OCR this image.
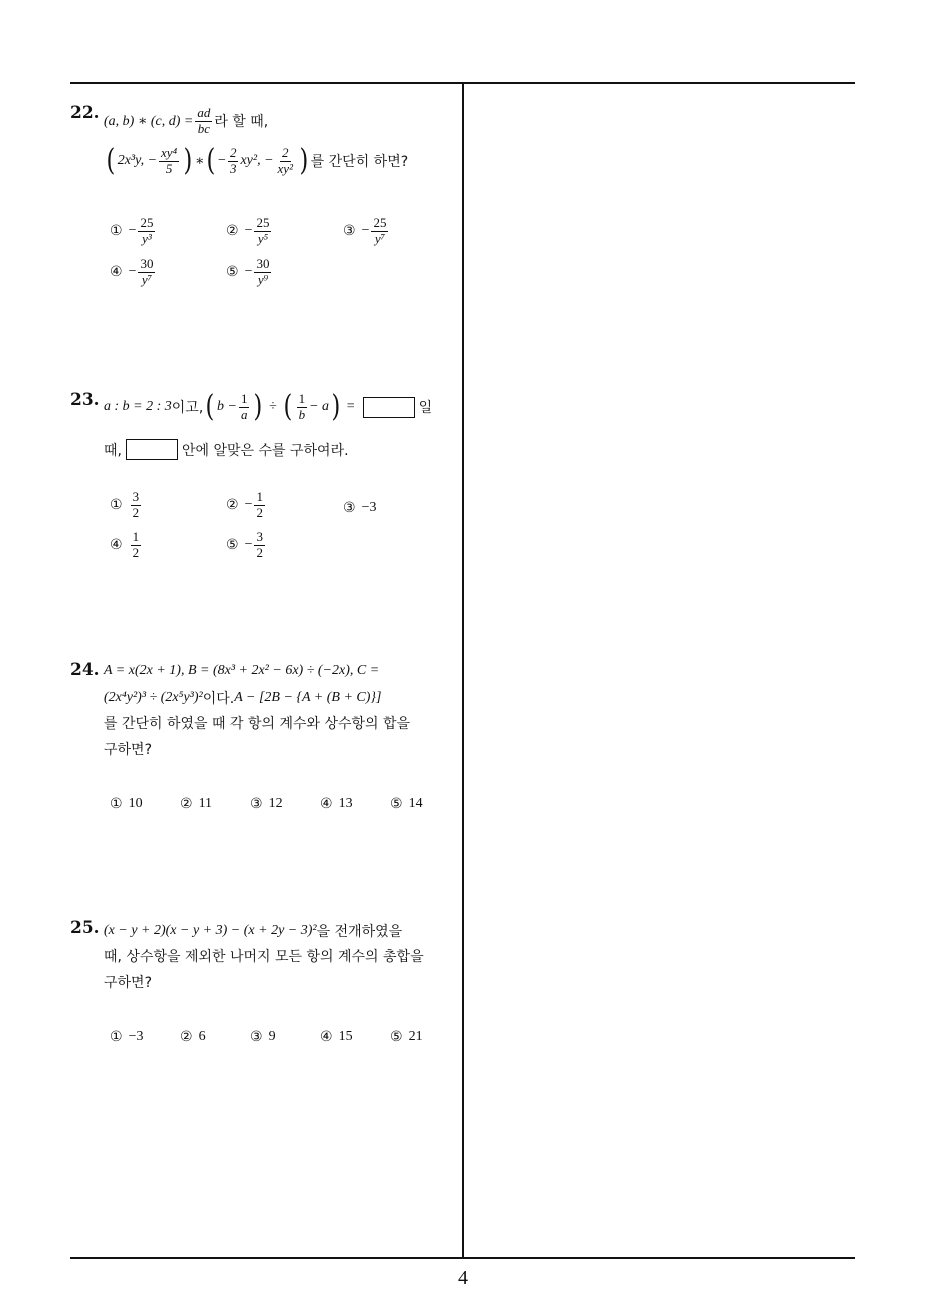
22. (a, b) ∗ (c, $d) = \frac{ad}{bc}$ 라 할 때,
( 2x³y, − $\frac{\text{xy⁴}}{5}$ ) ∗ ( − $\frac{2}{3} xy^2$, − $\frac{2}{\text{xy²}}$ ) 를 간단히 하면?
① − $\frac{25}{\text{y³}}$	② − $\frac{25}{\text{y⁵}}$	③ − $\frac{25}{\text{y⁷}}$
④ − $\frac{30}{\text{y⁷}}$	⑤ − $\frac{30}{\text{y⁹}}$
23. a : b = 2 : 3 이고, ( $b - \frac{1}{a}$ ) ÷ ( $\frac{1}{b} - a$ ) =	일
때,	안에 알맞은 수를 구하여라.
① $\frac{3}{2}$	② − $\frac{1}{2}$	③ −3
④ $\frac{1}{2}$	⑤ − $\frac{3}{2}$
24. A = x(2x + 1), B = (8x³ + 2x² − 6x) ÷ (−2x), C =
(2x⁴y²)³ ÷ (2x⁵y³)² 이다. A − [2B − {A + (B + C)}]
를 간단히 하였을 때 각 항의 계수와 상수항의 합을
구하면?
① 10	② 11	③ 12	④ 13	⑤ 14
25. (x − y + 2)(x − y + 3) − (x + 2y − 3)² 을 전개하였을
때, 상수항을 제외한 나머지 모든 항의 계수의 총합을
구하면?
① −3	② 6	③ 9	④ 15	⑤ 21
4
